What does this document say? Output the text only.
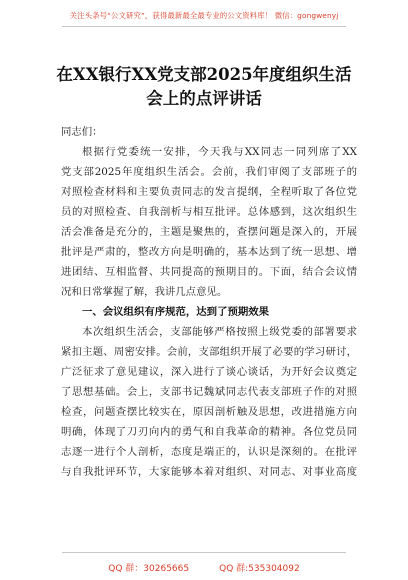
关注头条号“公文研究”，获得最新最全最专业的公文资料库！ 微信：gongwenyj
在XX银行XX党支部2025年度组织生活
会上的点评讲话
同志们：
根据行党委统一安排，今天我与XX同志一同列席了XX
党支部2025年度组织生活会。会前，我们审阅了支部班子的
对照检查材料和主要负责同志的发言提纲，全程听取了各位党
员的对照检查、自我剖析与相互批评。总体感到，这次组织生
活会准备是充分的，主题是聚焦的，查摆问题是深入的，开展
批评是严肃的，整改方向是明确的，基本达到了统一思想、增
进团结、互相监督、共同提高的预期目的。下面，结合会议情
况和日常掌握了解，我讲几点意见。
一、会议组织有序规范，达到了预期效果
本次组织生活会，支部能够严格按照上级党委的部署要求
紧扣主题、周密安排。会前，支部组织开展了必要的学习研讨，
广泛征求了意见建议，深入进行了谈心谈话，为开好会议奠定
了思想基础。会上，支部书记魏斌同志代表支部班子作的对照
检查，问题查摆比较实在，原因剖析触及思想，改进措施方向
明确，体现了刀刃向内的勇气和自我革命的精神。各位党员同
志逐一进行个人剖析，态度是端正的，认识是深刻的。在批评
与自我批评环节，大家能够本着对组织、对同志、对事业高度
QQ 群：30265665	QQ 群:535304092
